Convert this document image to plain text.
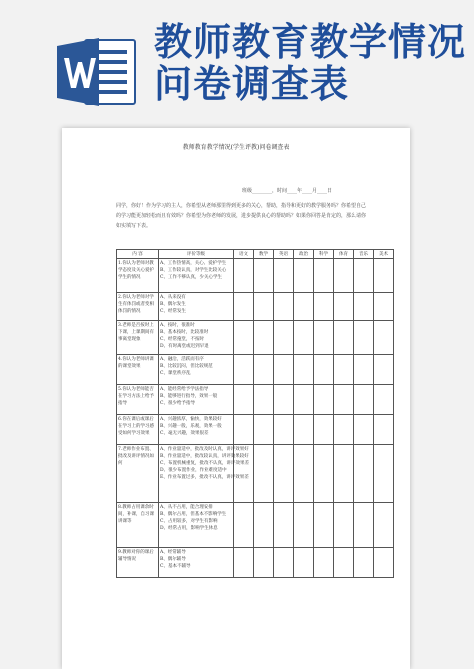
教师教育教学情况
问卷调查表
教师教育教学情况(学生评教)问卷调查表
班级________，时间____年____月____日
同学，你好！作为学习的主人，你希望从老师那里得到更多的关心，帮助，指导和更好的教学服务吗？你希望自己的学习能更加轻松而且有效吗？你希望为你老师的发展，进步提供良心的帮助吗？如果你回答是肯定的，那么请你如实填写下表。
内 容	评价等级	语文	数学	英语	政治	科学	体育	音乐	美术
1.你认为老师对教学态度及关心爱护学生的情况	A、工作热情高，关心、爱护学生
B、工作较认真，对学生比较关心
C、工作不够认真，少关心学生								

2.你认为老师对学生有体罚或者变相体罚的情况	A、从来没有
B、偶尔发生
C、经常发生								

3.老师是否按时上下课，上课期间有事离堂现象	A、按时，很准时
B、基本按时，比较准时
C、经常拖堂，不按时
D、有时离堂或迟到早退								

4.你认为老师讲课的课堂效果	A、融洽，活跃而有序
B、比较沉闷，但比较规范
C、课堂秩序乱								

5.你认为老师能否在学习方法上给予指导	A、能经常给予学法指导
B、能够进行指导，效果一般
C、很少给予指导								

6.你在课后或课后在学习上的学习感受如何学习效果	A、兴趣浓厚，愉快，效果较好
B、兴趣一般，乐观，效果一般
C、毫无兴趣，效果很差								

7.老师作业布置、批改及讲评情况如何	A、作业量适中，批改及时认真，讲评效果好
B、作业量适中，批改较认真，讲评效果较好
C、布置机械重复，批改不认真，讲评效果差
D、很少布置作业，作业难度适中
E、作业布置过多，批改不认真，讲评效果差								

8.教师占用课余时间，补课，自习课讲课等	A、从不占用，能合理安排
B、偶尔占用，但基本不影响学生
C、占用较多，对学生有影响
D、经常占用，影响学生休息								

9.教师对你的课后辅导情况	A、经常辅导
B、偶尔辅导
C、基本不辅导								
